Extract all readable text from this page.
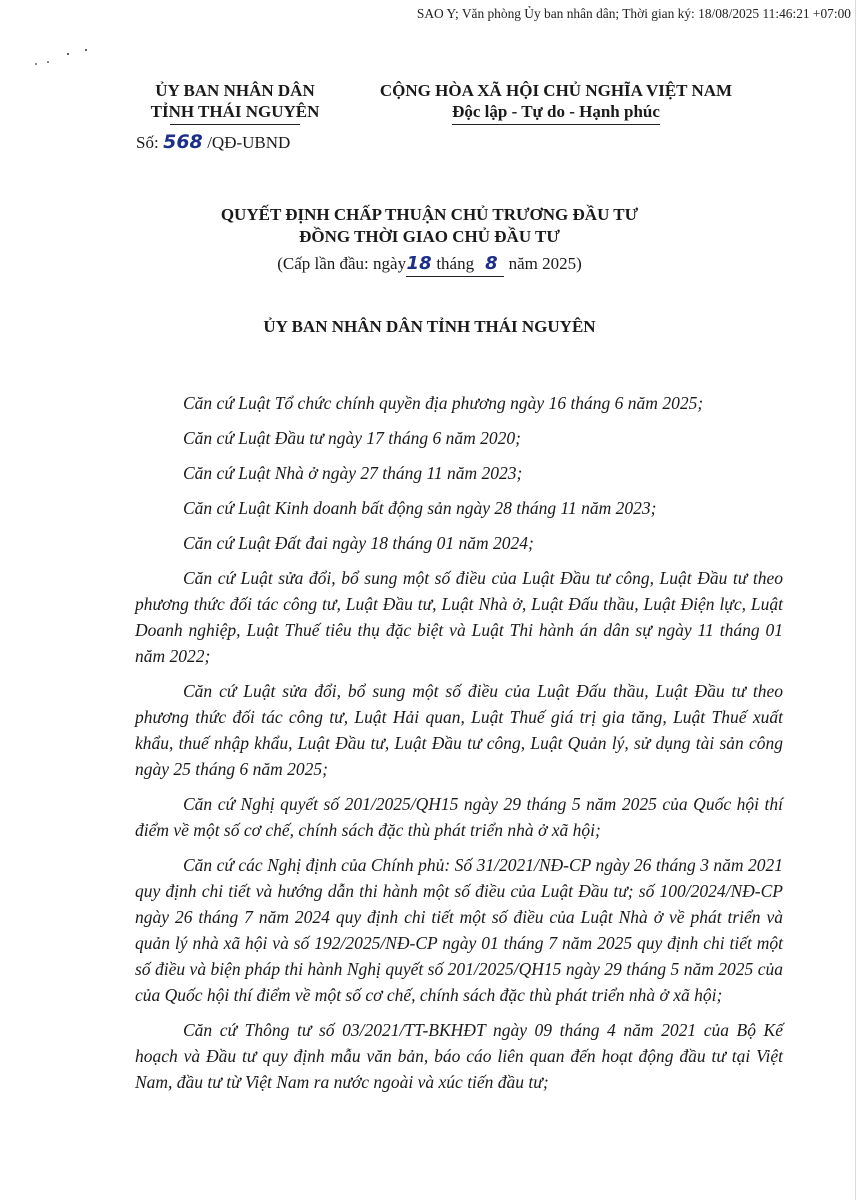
SAO Y; Văn phòng Ủy ban nhân dân; Thời gian ký: 18/08/2025 11:46:21 +07:00
ỦY BAN NHÂN DÂN
TỈNH THÁI NGUYÊN
Số: 568 /QĐ-UBND
CỘNG HÒA XÃ HỘI CHỦ NGHĨA VIỆT NAM
Độc lập - Tự do - Hạnh phúc
QUYẾT ĐỊNH CHẤP THUẬN CHỦ TRƯƠNG ĐẦU TƯ
ĐỒNG THỜI GIAO CHỦ ĐẦU TƯ
(Cấp lần đầu: ngày18 tháng 8 năm 2025)
ỦY BAN NHÂN DÂN TỈNH THÁI NGUYÊN

Căn cứ Luật Tổ chức chính quyền địa phương ngày 16 tháng 6 năm 2025;

Căn cứ Luật Đầu tư ngày 17 tháng 6 năm 2020;

Căn cứ Luật Nhà ở ngày 27 tháng 11 năm 2023;

Căn cứ Luật Kinh doanh bất động sản ngày 28 tháng 11 năm 2023;

Căn cứ Luật Đất đai ngày 18 tháng 01 năm 2024;

Căn cứ Luật sửa đổi, bổ sung một số điều của Luật Đầu tư công, Luật Đầu tư theo phương thức đối tác công tư, Luật Đầu tư, Luật Nhà ở, Luật Đấu thầu, Luật Điện lực, Luật Doanh nghiệp, Luật Thuế tiêu thụ đặc biệt và Luật Thi hành án dân sự ngày 11 tháng 01 năm 2022;

Căn cứ Luật sửa đổi, bổ sung một số điều của Luật Đấu thầu, Luật Đầu tư theo phương thức đối tác công tư, Luật Hải quan, Luật Thuế giá trị gia tăng, Luật Thuế xuất khẩu, thuế nhập khẩu, Luật Đầu tư, Luật Đầu tư công, Luật Quản lý, sử dụng tài sản công ngày 25 tháng 6 năm 2025;

Căn cứ Nghị quyết số 201/2025/QH15 ngày 29 tháng 5 năm 2025 của Quốc hội thí điểm về một số cơ chế, chính sách đặc thù phát triển nhà ở xã hội;

Căn cứ các Nghị định của Chính phủ: Số 31/2021/NĐ-CP ngày 26 tháng 3 năm 2021 quy định chi tiết và hướng dẫn thi hành một số điều của Luật Đầu tư; số 100/2024/NĐ-CP ngày 26 tháng 7 năm 2024 quy định chi tiết một số điều của Luật Nhà ở về phát triển và quản lý nhà xã hội và số 192/2025/NĐ-CP ngày 01 tháng 7 năm 2025 quy định chi tiết một số điều và biện pháp thi hành Nghị quyết số 201/2025/QH15 ngày 29 tháng 5 năm 2025 của của Quốc hội thí điểm về một số cơ chế, chính sách đặc thù phát triển nhà ở xã hội;

Căn cứ Thông tư số 03/2021/TT-BKHĐT ngày 09 tháng 4 năm 2021 của Bộ Kế hoạch và Đầu tư quy định mẫu văn bản, báo cáo liên quan đến hoạt động đầu tư tại Việt Nam, đầu tư từ Việt Nam ra nước ngoài và xúc tiến đầu tư;
